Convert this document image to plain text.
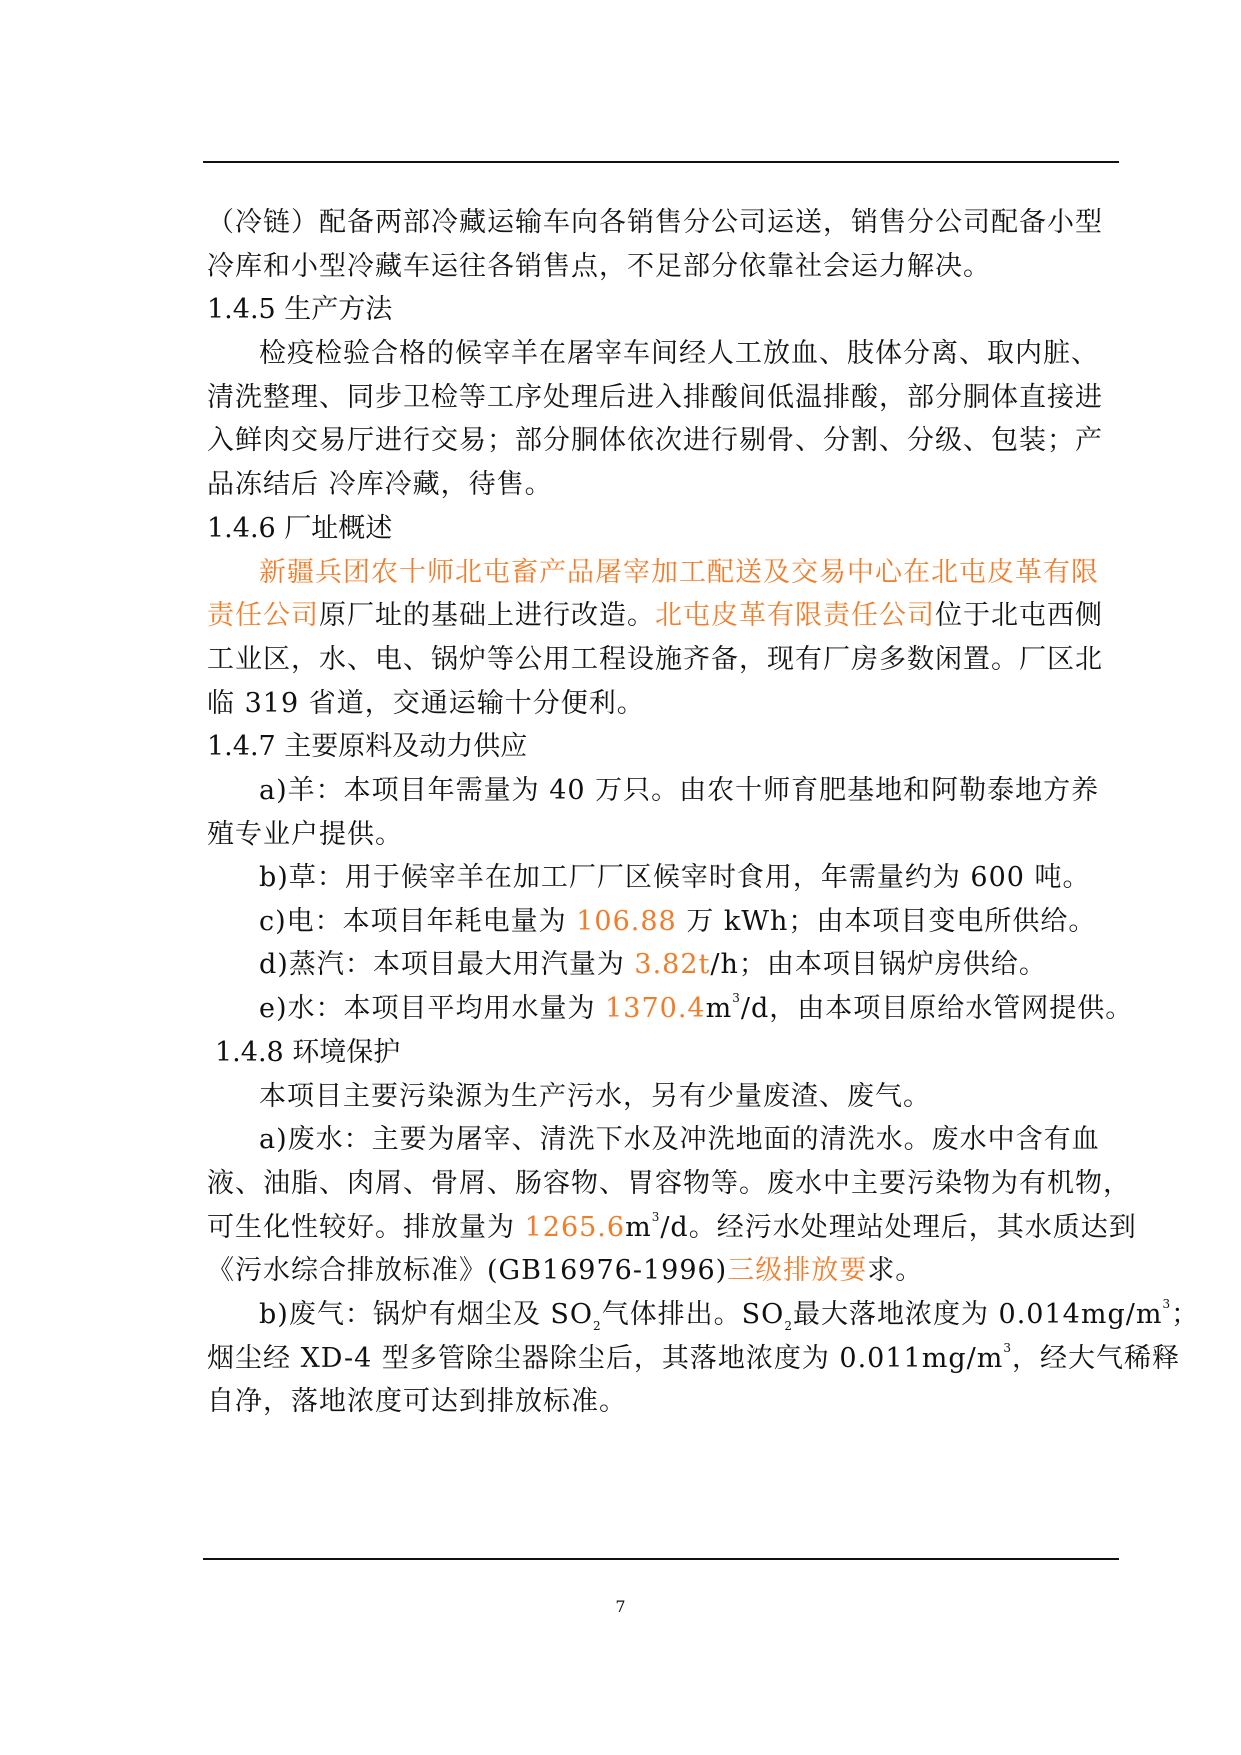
（冷链）配备两部冷藏运输车向各销售分公司运送，销售分公司配备小型
冷库和小型冷藏车运往各销售点，不足部分依靠社会运力解决。
1.4.5 生产方法
检疫检验合格的候宰羊在屠宰车间经人工放血、肢体分离、取内脏、
清洗整理、同步卫检等工序处理后进入排酸间低温排酸，部分胴体直接进
入鲜肉交易厅进行交易；部分胴体依次进行剔骨、分割、分级、包装；产
品冻结后 冷库冷藏，待售。
1.4.6 厂址概述
新疆兵团农十师北屯畜产品屠宰加工配送及交易中心在北屯皮革有限
责任公司原厂址的基础上进行改造。北屯皮革有限责任公司位于北屯西侧
工业区，水、电、锅炉等公用工程设施齐备，现有厂房多数闲置。厂区北
临 319 省道，交通运输十分便利。
1.4.7 主要原料及动力供应
a)羊：本项目年需量为 40 万只。由农十师育肥基地和阿勒泰地方养
殖专业户提供。
b)草：用于候宰羊在加工厂厂区候宰时食用，年需量约为 600 吨。
c)电：本项目年耗电量为 106.88 万 kWh；由本项目变电所供给。
d)蒸汽：本项目最大用汽量为 3.82t/h；由本项目锅炉房供给。
e)水：本项目平均用水量为 $1370.4m^3/d$，由本项目原给水管网提供。
1.4.8 环境保护
本项目主要污染源为生产污水，另有少量废渣、废气。
a)废水：主要为屠宰、清洗下水及冲洗地面的清洗水。废水中含有血
液、油脂、肉屑、骨屑、肠容物、胃容物等。废水中主要污染物为有机物，
可生化性较好。排放量为 $1265.6m^3/d$。经污水处理站处理后，其水质达到
《污水综合排放标准》(GB16976-1996)三级排放要求。
b)废气：锅炉有烟尘及 SO2气体排出。SO2最大落地浓度为 $0.014mg/m^3$；
烟尘经 XD-4 型多管除尘器除尘后，其落地浓度为 $0.011mg/m^3$，经大气稀释
自净，落地浓度可达到排放标准。
7
